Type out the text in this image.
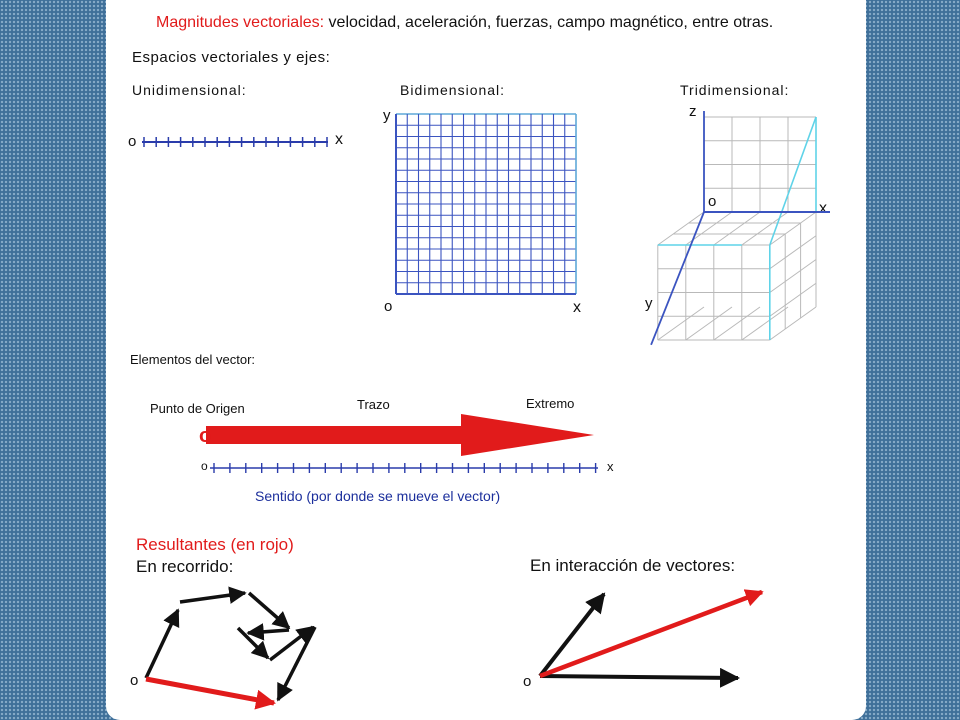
Magnitudes vectoriales: velocidad, aceleración, fuerzas, campo magnético, entre otras.
Espacios vectoriales y ejes:
Unidimensional:	Bidimensional:	Tridimensional:
o	x
y
o	x
z
o	x
y
Elementos del vector:
Punto de Origen	Trazo	Extremo
o	x
Sentido (por donde se mueve el vector)
Resultantes (en rojo)
En recorrido:	En interacción de vectores:
o	o
o
